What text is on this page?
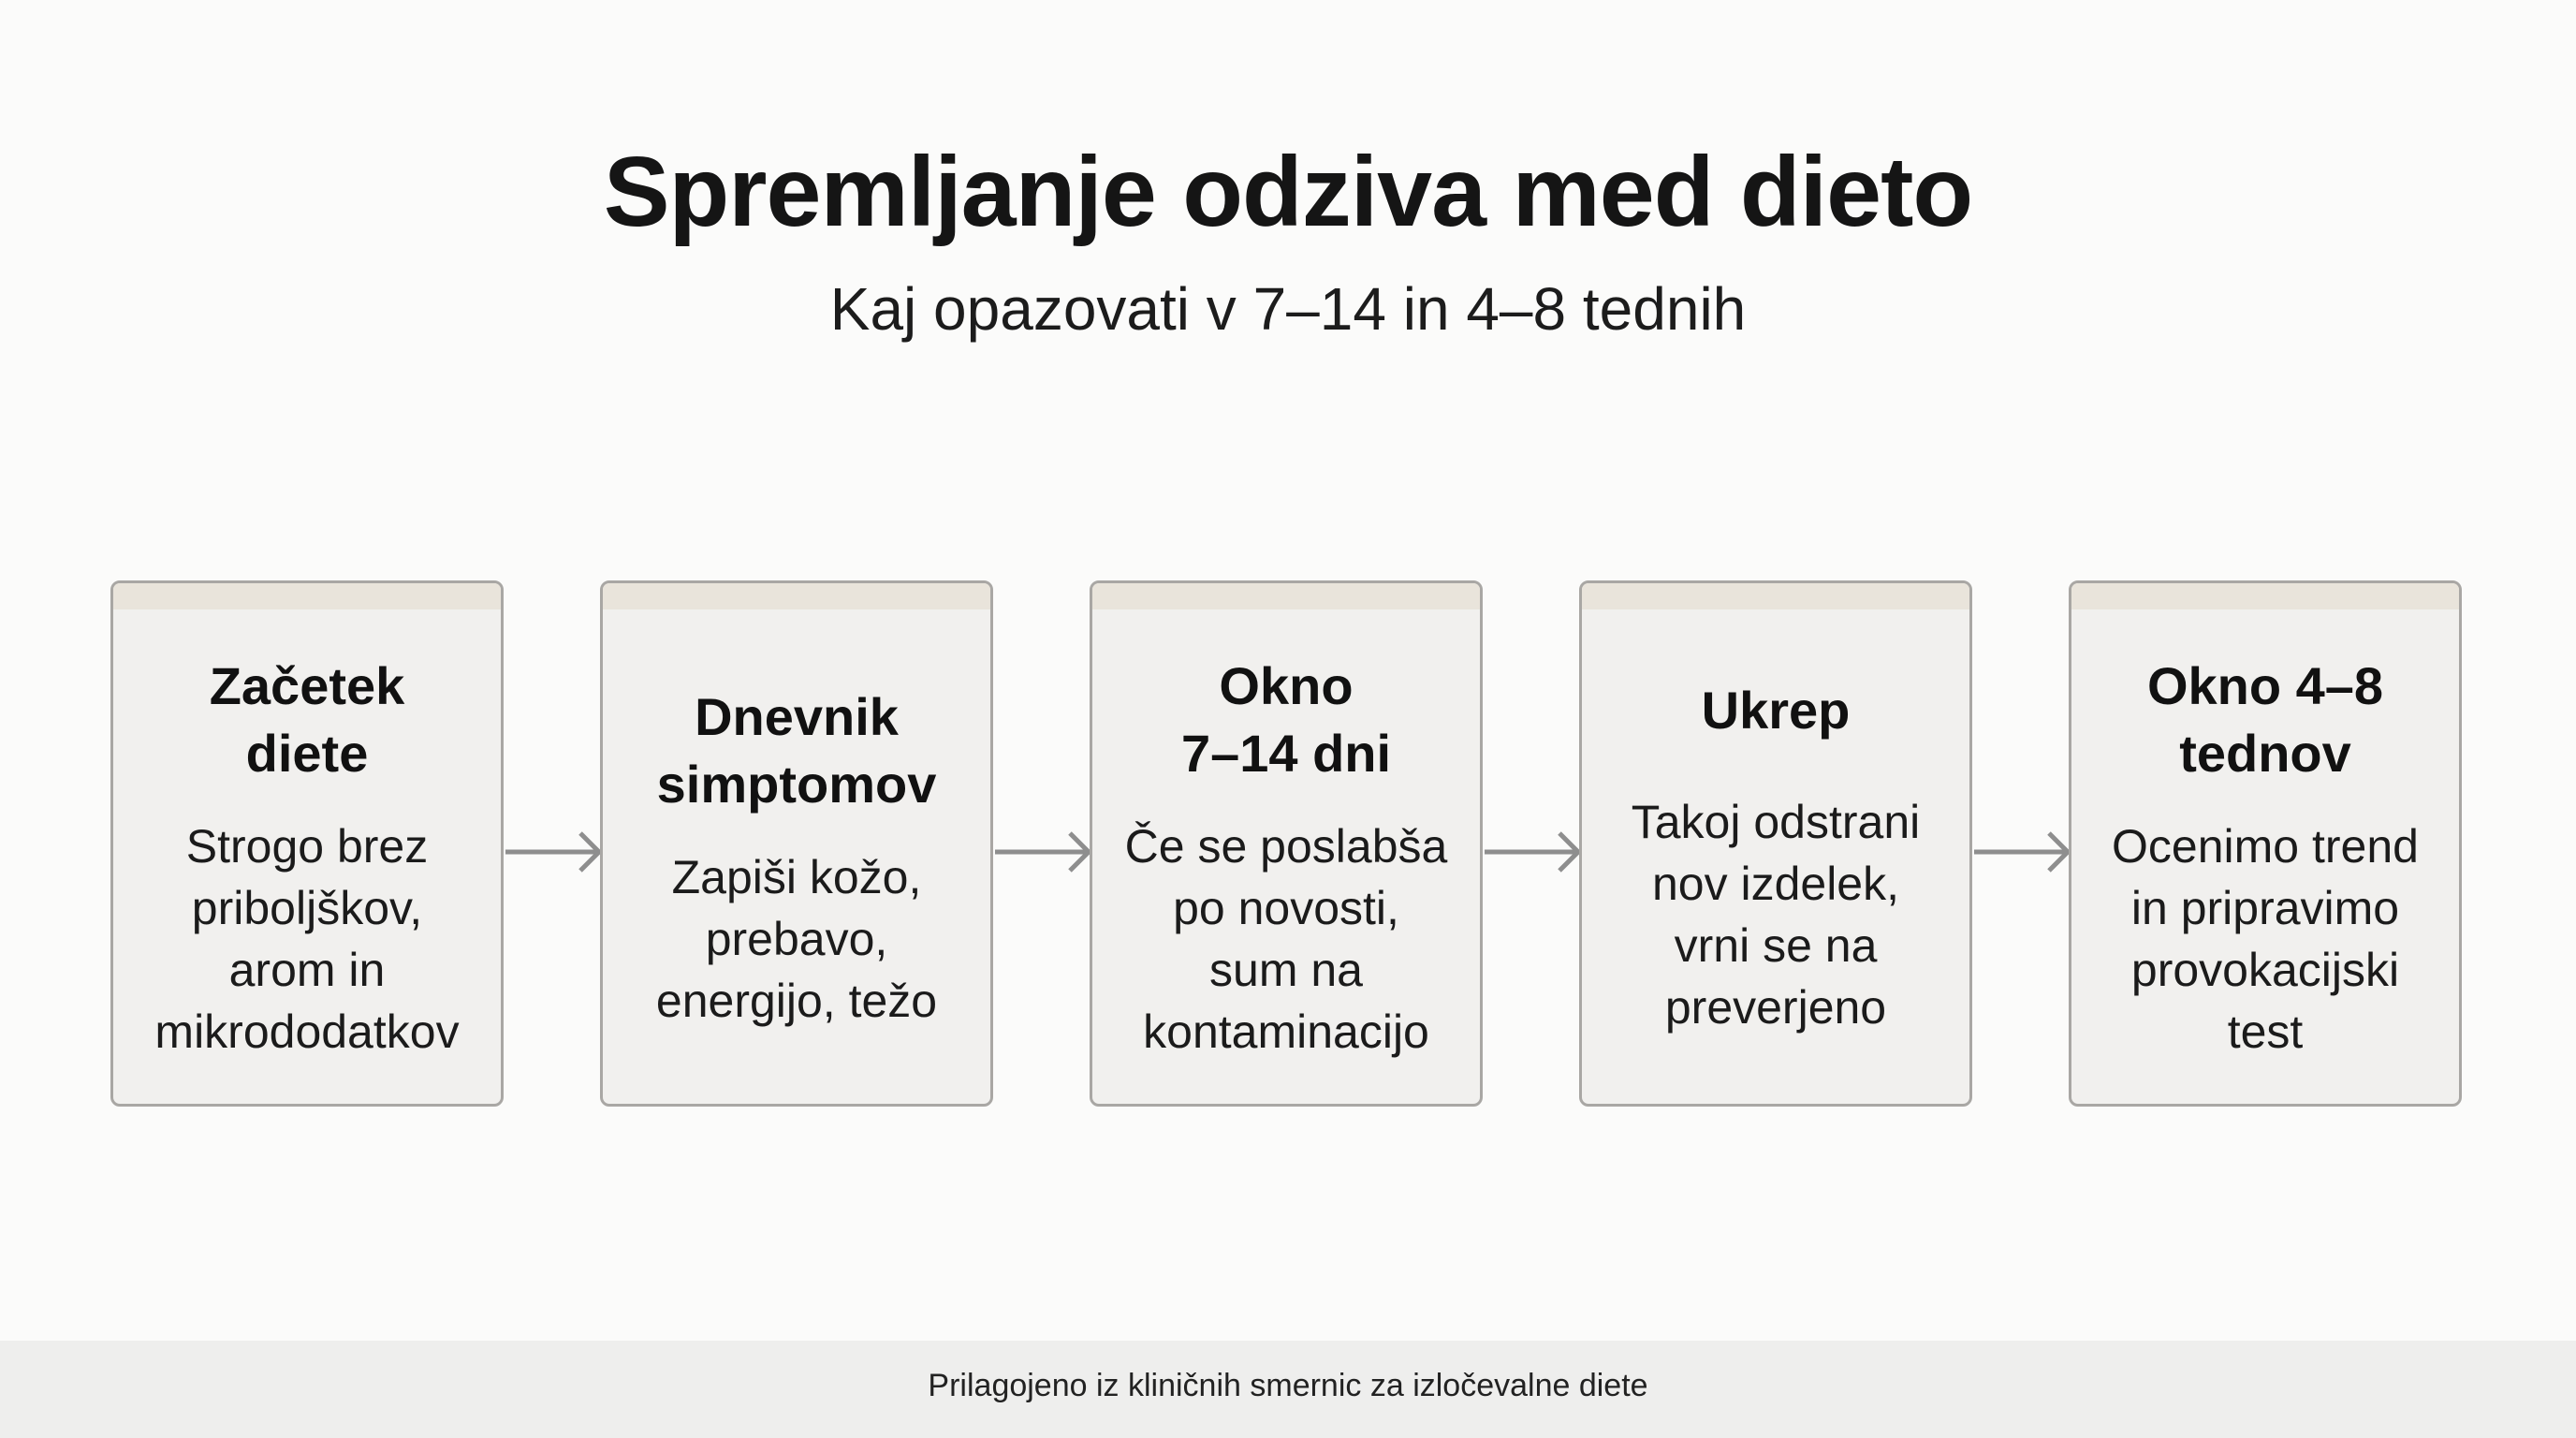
Spremljanje odziva med dieto
Kaj opazovati v 7–14 in 4–8 tednih
Začetek
diete
Strogo brez
priboljškov,
arom in
mikrododatkov
Dnevnik
simptomov
Zapiši kožo,
prebavo,
energijo, težo
Okno
7–14 dni
Če se poslabša
po novosti,
sum na
kontaminacijo
Ukrep
Takoj odstrani
nov izdelek,
vrni se na
preverjeno
Okno 4–8
tednov
Ocenimo trend
in pripravimo
provokacijski
test
Prilagojeno iz kliničnih smernic za izločevalne diete
